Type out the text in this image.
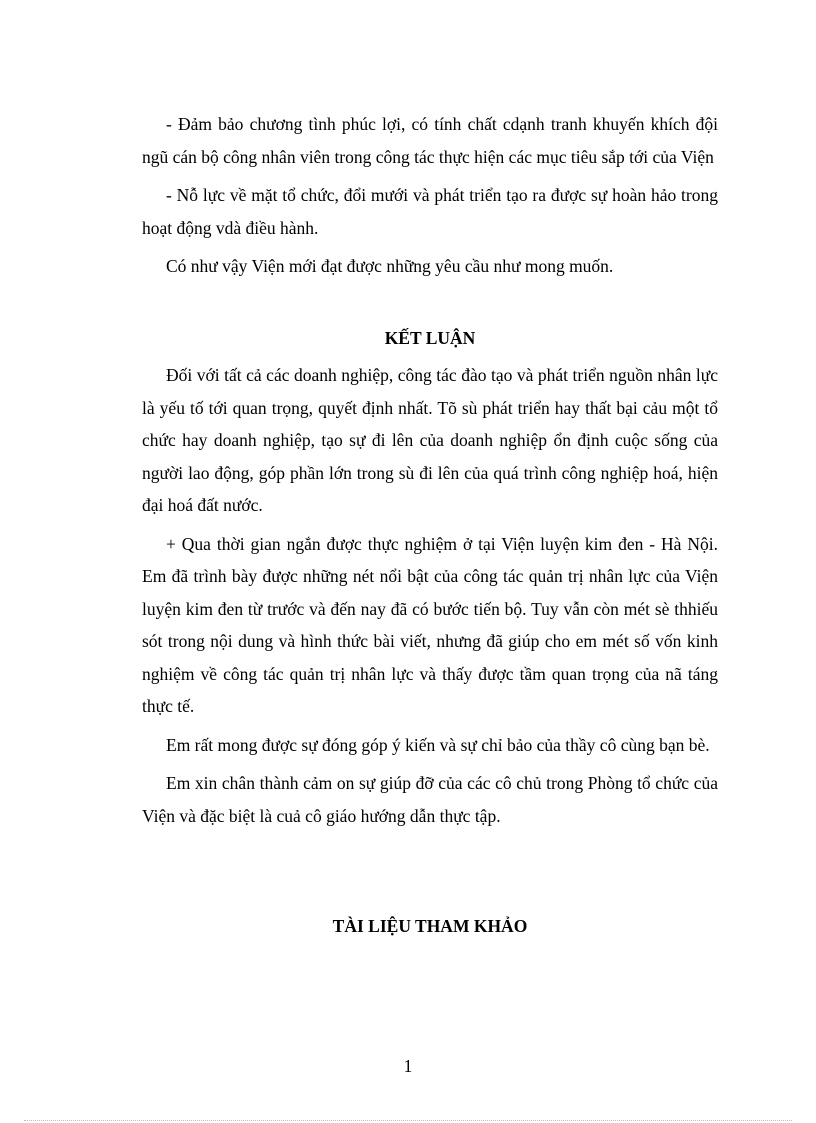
- Đảm bảo chương tình phúc lợi, có tính chất cdạnh tranh khuyến khích đội ngũ cán bộ công nhân viên trong công tác thực hiện các mục tiêu sắp tới của Viện

- Nỗ lực về mặt tổ chức, đổi mưới và phát triển tạo ra được sự hoàn hảo trong hoạt động vdà điều hành.

Có như vậy Viện mới đạt được những yêu cầu như mong muốn.

KẾT LUẬN

Đối với tất cả các doanh nghiệp, công tác đào tạo và phát triển nguồn nhân lực là yếu tố tới quan trọng, quyết định nhất. Tõ sù phát triển hay thất bại cảu một tổ chức hay doanh nghiệp, tạo sự đi lên của doanh nghiệp ổn định cuộc sống của người lao động, góp phần lớn trong sù đi lên của quá trình công nghiệp hoá, hiện đại hoá đất nước.

+ Qua thời gian ngắn được thực nghiệm ở tại Viện luyện kim đen - Hà Nội. Em đã trình bày được những nét nổi bật của công tác quản trị nhân lực của Viện luyện kim đen từ trước và đến nay đã có bước tiến bộ. Tuy vẫn còn mét sè thhiếu sót trong nội dung và hình thức bài viết, nhưng đã giúp cho em mét số vốn kinh nghiệm về công tác quản trị nhân lực và thấy được tầm quan trọng của nã táng thực tế.

Em rất mong được sự đóng góp ý kiến và sự chỉ bảo của thầy cô cùng bạn bè.

Em xin chân thành cảm on sự giúp đỡ của các cô chủ trong Phòng tổ chức của Viện và đặc biệt là cuả cô giáo hướng dẫn thực tập.

TÀI LIỆU THAM KHẢO
1
